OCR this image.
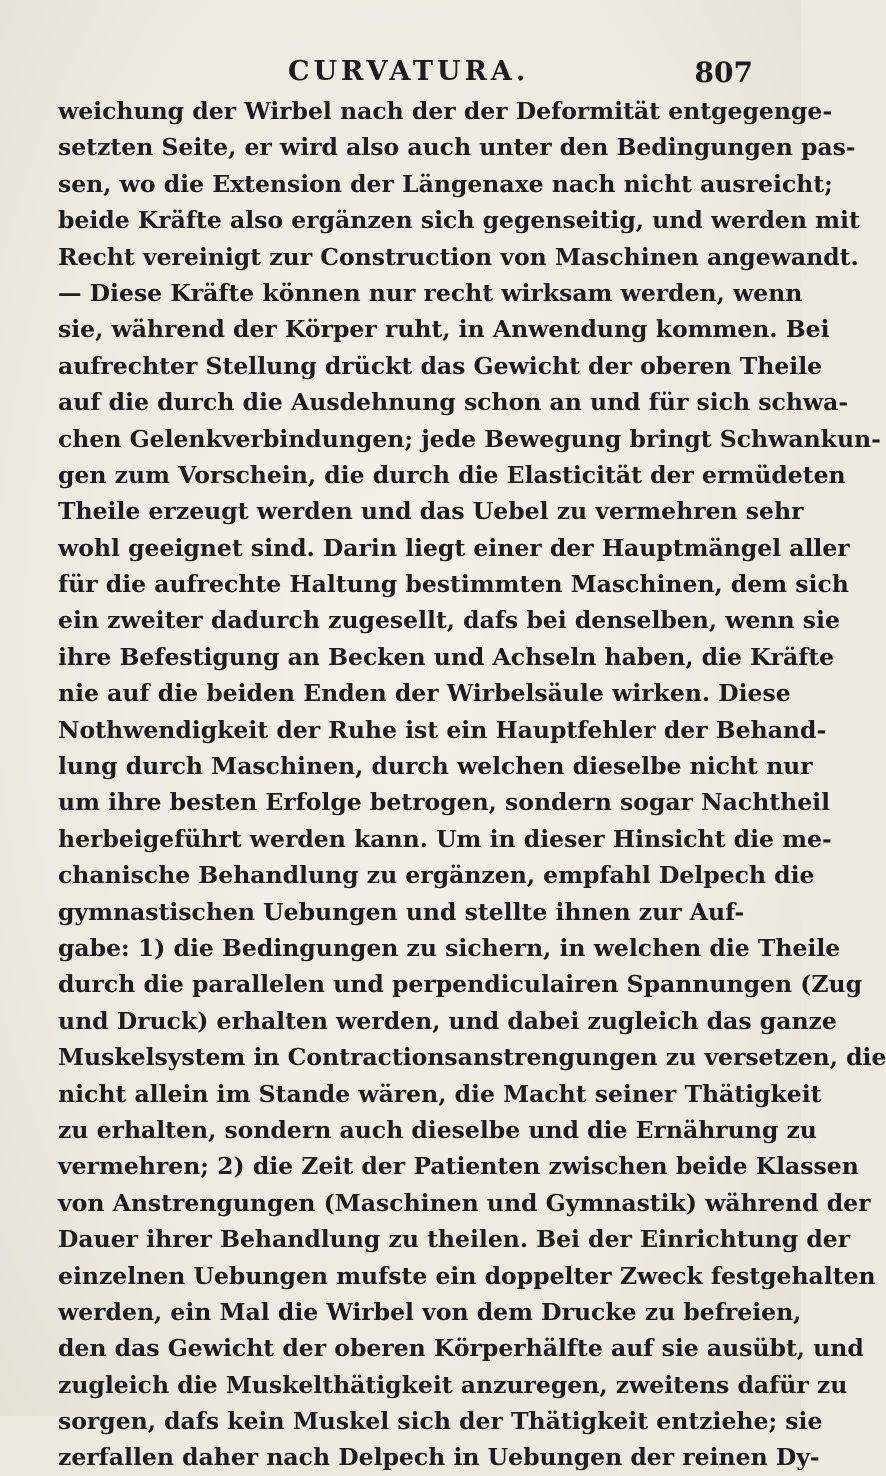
CURVATURA.	807
weichung der Wirbel nach der der Deformität entgegenge-
setzten Seite, er wird also auch unter den Bedingungen pas-
sen, wo die Extension der Längenaxe nach nicht ausreicht;
beide Kräfte also ergänzen sich gegenseitig, und werden mit
Recht vereinigt zur Construction von Maschinen angewandt.
— Diese Kräfte können nur recht wirksam werden, wenn
sie, während der Körper ruht, in Anwendung kommen. Bei
aufrechter Stellung drückt das Gewicht der oberen Theile
auf die durch die Ausdehnung schon an und für sich schwa-
chen Gelenkverbindungen; jede Bewegung bringt Schwankun-
gen zum Vorschein, die durch die Elasticität der ermüdeten
Theile erzeugt werden und das Uebel zu vermehren sehr
wohl geeignet sind. Darin liegt einer der Hauptmängel aller
für die aufrechte Haltung bestimmten Maschinen, dem sich
ein zweiter dadurch zugesellt, dafs bei denselben, wenn sie
ihre Befestigung an Becken und Achseln haben, die Kräfte
nie auf die beiden Enden der Wirbelsäule wirken. Diese
Nothwendigkeit der Ruhe ist ein Hauptfehler der Behand-
lung durch Maschinen, durch welchen dieselbe nicht nur
um ihre besten Erfolge betrogen, sondern sogar Nachtheil
herbeigeführt werden kann. Um in dieser Hinsicht die me-
chanische Behandlung zu ergänzen, empfahl Delpech die
gymnastischen Uebungen und stellte ihnen zur Auf-
gabe: 1) die Bedingungen zu sichern, in welchen die Theile
durch die parallelen und perpendiculairen Spannungen (Zug
und Druck) erhalten werden, und dabei zugleich das ganze
Muskelsystem in Contractionsanstrengungen zu versetzen, die
nicht allein im Stande wären, die Macht seiner Thätigkeit
zu erhalten, sondern auch dieselbe und die Ernährung zu
vermehren; 2) die Zeit der Patienten zwischen beide Klassen
von Anstrengungen (Maschinen und Gymnastik) während der
Dauer ihrer Behandlung zu theilen. Bei der Einrichtung der
einzelnen Uebungen mufste ein doppelter Zweck festgehalten
werden, ein Mal die Wirbel von dem Drucke zu befreien,
den das Gewicht der oberen Körperhälfte auf sie ausübt, und
zugleich die Muskelthätigkeit anzuregen, zweitens dafür zu
sorgen, dafs kein Muskel sich der Thätigkeit entziehe; sie
zerfallen daher nach Delpech in Uebungen der reinen Dy-
